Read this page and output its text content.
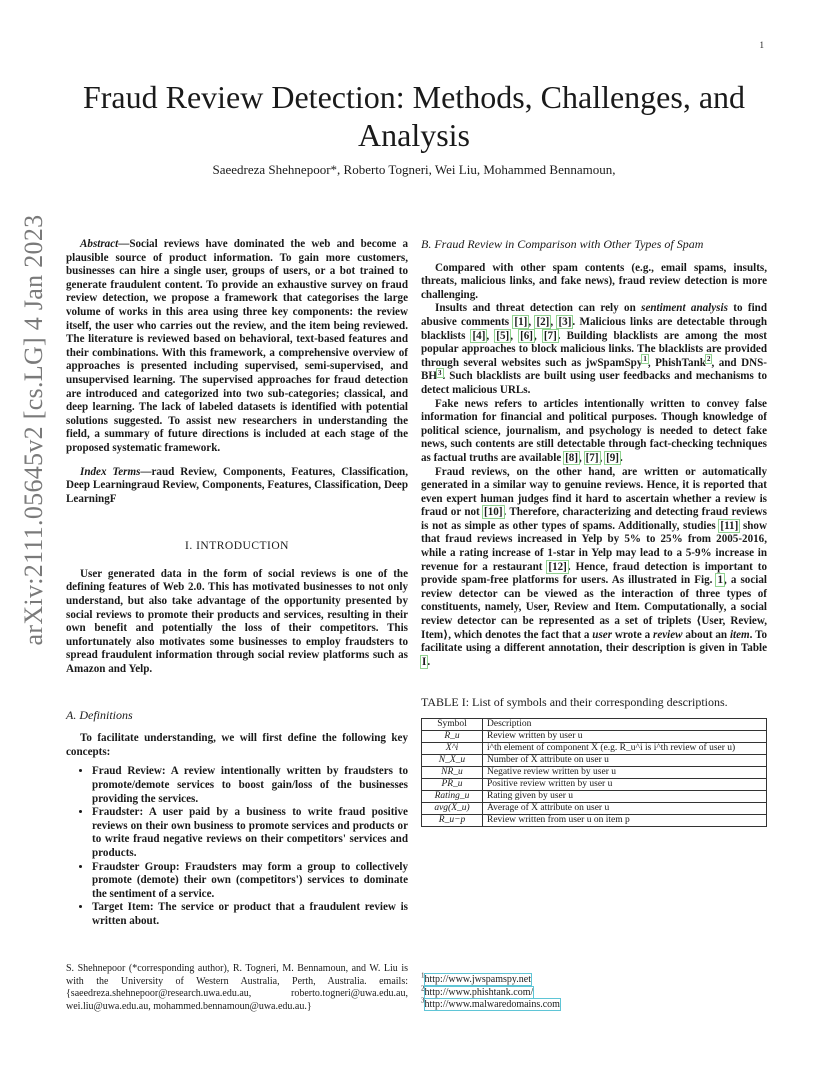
1
arXiv:2111.05645v2 [cs.LG] 4 Jan 2023
Fraud Review Detection: Methods, Challenges, and Analysis
Saeedreza Shehnepoor*, Roberto Togneri, Wei Liu, Mohammed Bennamoun,

Abstract—Social reviews have dominated the web and become a plausible source of product information. To gain more customers, businesses can hire a single user, groups of users, or a bot trained to generate fraudulent content. To provide an exhaustive survey on fraud review detection, we propose a framework that categorises the large volume of works in this area using three key components: the review itself, the user who carries out the review, and the item being reviewed. The literature is reviewed based on behavioral, text-based features and their combinations. With this framework, a comprehensive overview of approaches is presented including supervised, semi-supervised, and unsupervised learning. The supervised approaches for fraud detection are introduced and categorized into two sub-categories; classical, and deep learning. The lack of labeled datasets is identified with potential solutions suggested. To assist new researchers in understanding the field, a summary of future directions is included at each stage of the proposed systematic framework.

Index Terms—raud Review, Components, Features, Classification, Deep Learningraud Review, Components, Features, Classification, Deep LearningF

I. INTRODUCTION

User generated data in the form of social reviews is one of the defining features of Web 2.0. This has motivated businesses to not only understand, but also take advantage of the opportunity presented by social reviews to promote their products and services, resulting in their own benefit and potentially the loss of their competitors. This unfortunately also motivates some businesses to employ fraudsters to spread fraudulent information through social review platforms such as Amazon and Yelp.

A. Definitions

To facilitate understanding, we will first define the following key concepts:

• Fraud Review: A review intentionally written by fraudsters to promote/demote services to boost gain/loss of the businesses providing the services.
• Fraudster: A user paid by a business to write fraud positive reviews on their own business to promote services and products or to write fraud negative reviews on their competitors' services and products.
• Fraudster Group: Fraudsters may form a group to collectively promote (demote) their own (competitors') services to dominate the sentiment of a service.
• Target Item: The service or product that a fraudulent review is written about.
S. Shehnepoor (*corresponding author), R. Togneri, M. Bennamoun, and W. Liu is with the University of Western Australia, Perth, Australia. emails: {saeedreza.shehnepoor@research.uwa.edu.au, roberto.togneri@uwa.edu.au, wei.liu@uwa.edu.au, mohammed.bennamoun@uwa.edu.au.}
B. Fraud Review in Comparison with Other Types of Spam

Compared with other spam contents (e.g., email spams, insults, threats, malicious links, and fake news), fraud review detection is more challenging.

Insults and threat detection can rely on sentiment analysis to find abusive comments [1], [2], [3]. Malicious links are detectable through blacklists [4], [5], [6], [7]. Building blacklists are among the most popular approaches to block malicious links. The blacklists are provided through several websites such as jwSpamSpy$^1$, PhishTank$^2$, and DNS-$BH^3$. Such blacklists are built using user feedbacks and mechanisms to detect malicious URLs.

Fake news refers to articles intentionally written to convey false information for financial and political purposes. Though knowledge of political science, journalism, and psychology is needed to detect fake news, such contents are still detectable through fact-checking techniques as factual truths are available [8], [7], [9].

Fraud reviews, on the other hand, are written or automatically generated in a similar way to genuine reviews. Hence, it is reported that even expert human judges find it hard to ascertain whether a review is fraud or not [10]. Therefore, characterizing and detecting fraud reviews is not as simple as other types of spams. Additionally, studies [11] show that fraud reviews increased in Yelp by 5% to 25% from 2005-2016, while a rating increase of 1-star in Yelp may lead to a 5-9% increase in revenue for a restaurant [12]. Hence, fraud detection is important to provide spam-free platforms for users. As illustrated in Fig. 1, a social review detector can be viewed as the interaction of three types of constituents, namely, User, Review and Item. Computationally, a social review detector can be represented as a set of triplets ⟨User, Review, Item⟩, which denotes the fact that a user wrote a review about an item. To facilitate using a different annotation, their description is given in Table I.

TABLE I: List of symbols and their corresponding descriptions.
Symbol	Description
R_u	Review written by user u
X^i	i^th element of component X (e.g. R_u^i is i^th review of user u)
N_X_u	Number of X attribute on user u
NR_u	Negative review written by user u
PR_u	Positive review written by user u
Rating_u	Rating given by user u
avg(X_u)	Average of X attribute on user u
R_u−p	Review written from user u on item p
$^1$http://www.jwspamspy.net
$^2$http://www.phishtank.com/
$^3$http://www.malwaredomains.com
